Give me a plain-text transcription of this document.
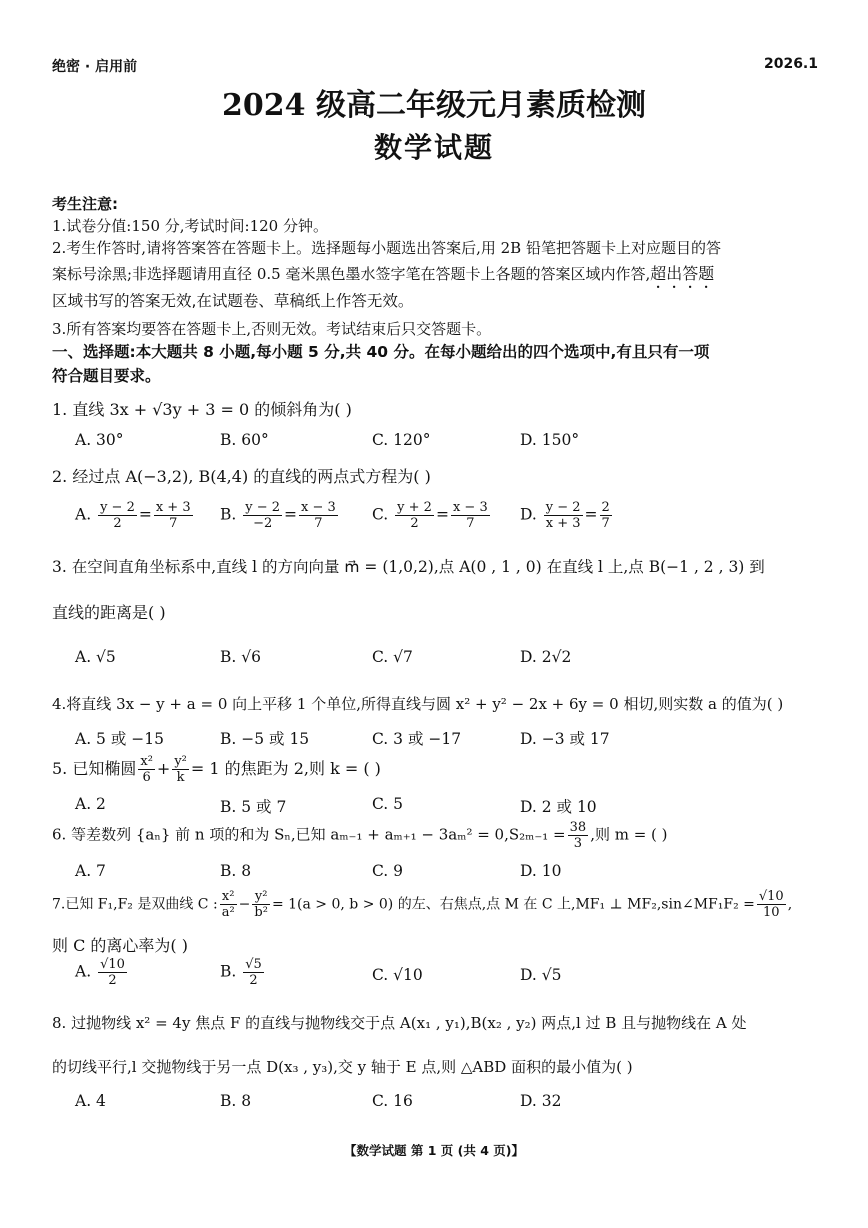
绝密 · 启用前	2026.1
2024 级高二年级元月素质检测
数学试题
考生注意:
1.试卷分值:150 分,考试时间:120 分钟。
2.考生作答时,请将答案答在答题卡上。选择题每小题选出答案后,用 2B 铅笔把答题卡上对应题目的答
案标号涂黑;非选择题请用直径 0.5 毫米黑色墨水签字笔在答题卡上各题的答案区域内作答,超出答题
区域书写的答案无效,在试题卷、草稿纸上作答无效。
3.所有答案均要答在答题卡上,否则无效。考试结束后只交答题卡。
一、选择题:本大题共 8 小题,每小题 5 分,共 40 分。在每小题给出的四个选项中,有且只有一项
符合题目要求。
1. 直线 3x + √3y + 3 = 0 的倾斜角为( )
A. 30°	B. 60°	C. 120°	D. 150°
2. 经过点 A(−3,2), B(4,4) 的直线的两点式方程为( )
A. $\frac{y - 2}{2} = \frac{x + 3}{7} B$. $\frac{y - 2}{-2} = \frac{x - 3}{7} C$. $\frac{y + 2}{2} = \frac{x - 3}{7} D$. $\frac{y - 2}{x + 3} = \frac{2}{7}$
3. 在空间直角坐标系中,直线 l 的方向向量 m⃗ = (1,0,2),点 A(0 , 1 , 0) 在直线 l 上,点 B(−1 , 2 , 3) 到
直线的距离是( )
A. √5	B. √6	C. √7	D. 2√2
4.将直线 3x − y + a = 0 向上平移 1 个单位,所得直线与圆 x² + y² − 2x + 6y = 0 相切,则实数 a 的值为( )
A. 5 或 −15	B. −5 或 15	C. 3 或 −17	D. −3 或 17
5. 已知椭圆 $\frac{\text{x²}}{6} + \frac{\text{y²}}{k} = 1$ 的焦距为 2,则 k = ( )
A. 2	B. 5 或 7	C. 5	D. 2 或 10
6. 等差数列 {aₙ} 前 n 项的和为 Sₙ,已知 $a_{m-1} + a_{m+1} - 3a_m^2 = 0,S_{2m-1} = \frac{38}{3}$ ,则 m = ( )
A. 7	B. 8	C. 9	D. 10
7.已知 F₁,F₂ 是双曲线 C : $\frac{\text{x²}}{\text{a²}} - \frac{\text{y²}}{\text{b²}} = 1(a > 0$, b > 0) 的左、右焦点,点 M 在 C 上,MF₁ ⊥ MF₂,sin∠MF₁F₂ = $\frac{√10}{10}$ ,
则 C 的离心率为( )
A. $\frac{√10}{2}$	B. $\frac{√5}{2}$	C. √10	D. √5
8. 过抛物线 x² = 4y 焦点 F 的直线与抛物线交于点 A(x₁ , y₁),B(x₂ , y₂) 两点,l 过 B 且与抛物线在 A 处
的切线平行,l 交抛物线于另一点 D(x₃ , y₃),交 y 轴于 E 点,则 △ABD 面积的最小值为( )
A. 4	B. 8	C. 16	D. 32
【数学试题 第 1 页 (共 4 页)】
